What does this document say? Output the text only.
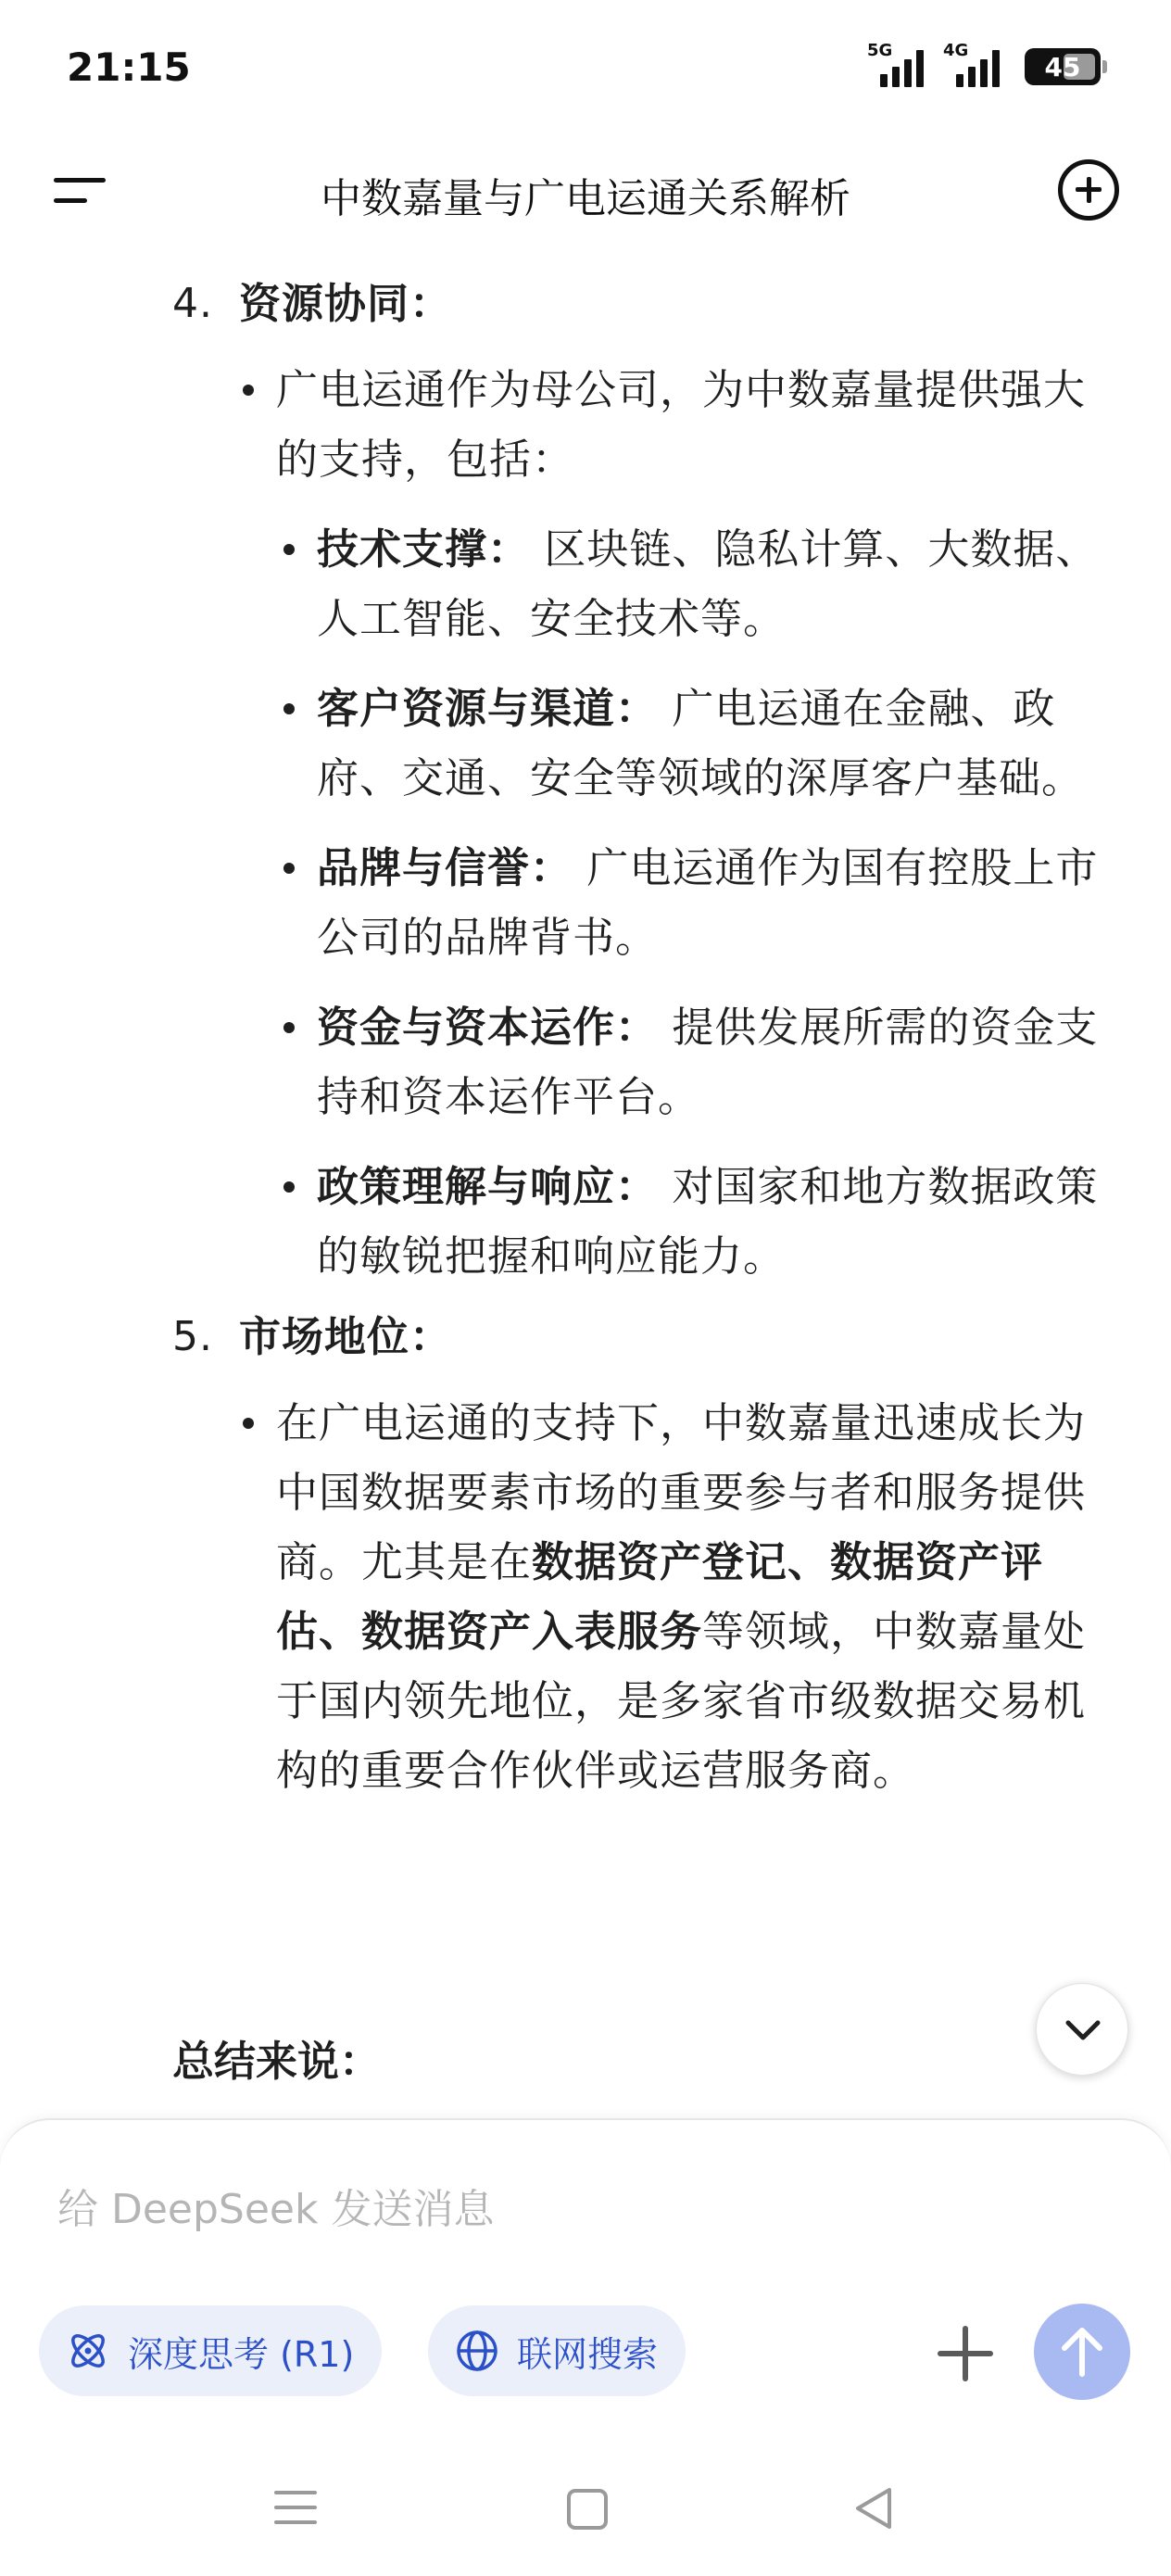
21:15	5G	4G
45
中数嘉量与广电运通关系解析
4. 资源协同：
广电运通作为母公司，为中数嘉量提供强大的支持，包括：
技术支撑： 区块链、隐私计算、大数据、人工智能、安全技术等。
客户资源与渠道： 广电运通在金融、政府、交通、安全等领域的深厚客户基础。
品牌与信誉： 广电运通作为国有控股上市公司的品牌背书。
资金与资本运作： 提供发展所需的资金支持和资本运作平台。
政策理解与响应： 对国家和地方数据政策的敏锐把握和响应能力。
5. 市场地位：
在广电运通的支持下，中数嘉量迅速成长为中国数据要素市场的重要参与者和服务提供商。尤其是在数据资产登记、数据资产评估、数据资产入表服务等领域，中数嘉量处于国内领先地位，是多家省市级数据交易机构的重要合作伙伴或运营服务商。
总结来说：
给 DeepSeek 发送消息
深度思考 (R1)	联网搜索
